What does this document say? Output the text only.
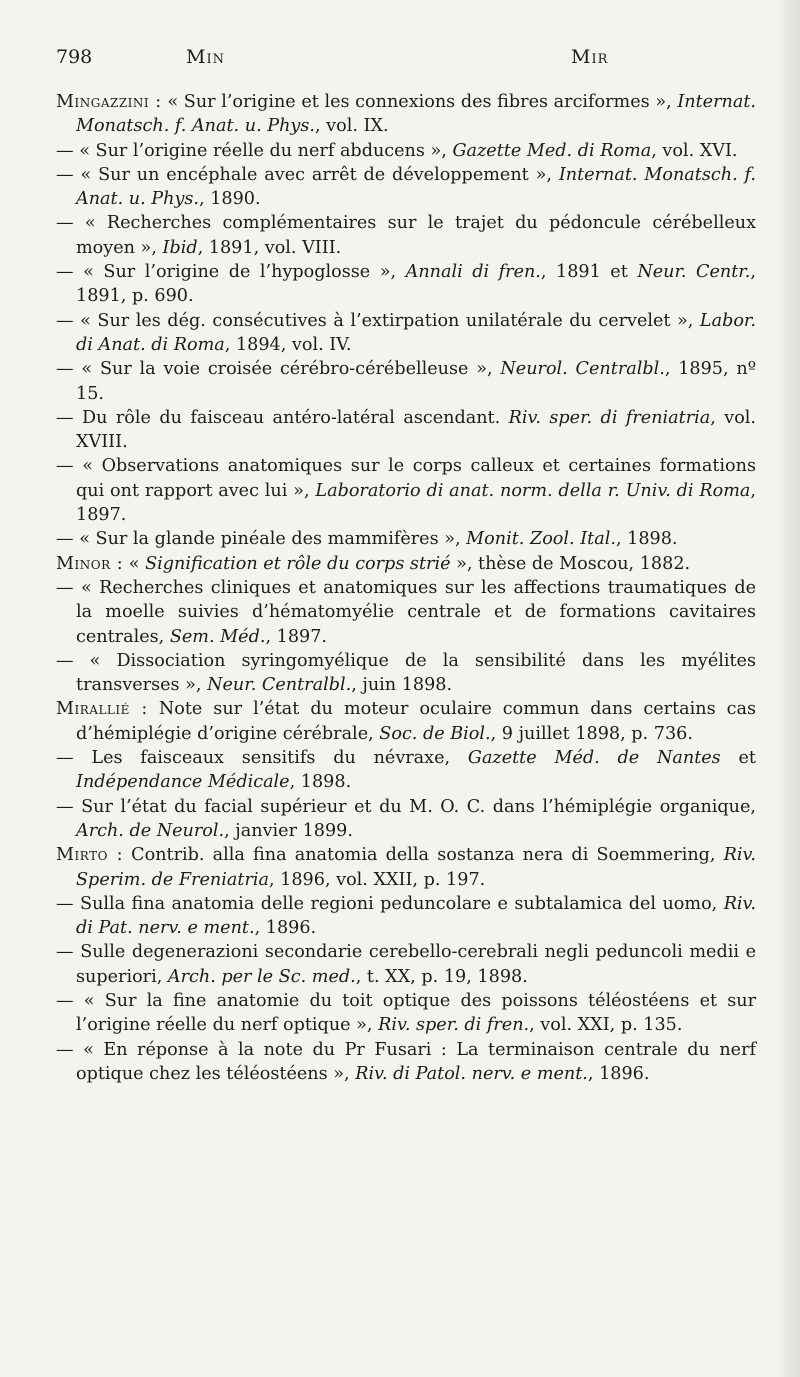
798	Min	Mir

Mingazzini : « Sur l’origine et les connexions des fibres arciformes », Internat. Monatsch. f. Anat. u. Phys., vol. IX.

— « Sur l’origine réelle du nerf abducens », Gazette Med. di Roma, vol. XVI.

— « Sur un encéphale avec arrêt de développement », Internat. Monatsch. f. Anat. u. Phys., 1890.

— « Recherches complémentaires sur le trajet du pédoncule cérébelleux moyen », Ibid, 1891, vol. VIII.

— « Sur l’origine de l’hypoglosse », Annali di fren., 1891 et Neur. Centr., 1891, p. 690.

— « Sur les dég. consécutives à l’extirpation unilatérale du cervelet », Labor. di Anat. di Roma, 1894, vol. IV.

— « Sur la voie croisée cérébro-cérébelleuse », Neurol. Centralbl., 1895, nº 15.

— Du rôle du faisceau antéro-latéral ascendant. Riv. sper. di freniatria, vol. XVIII.

— « Observations anatomiques sur le corps calleux et certaines formations qui ont rapport avec lui », Laboratorio di anat. norm. della r. Univ. di Roma, 1897.

— « Sur la glande pinéale des mammifères », Monit. Zool. Ital., 1898.

Minor : « Signification et rôle du corps strié », thèse de Moscou, 1882.

— « Recherches cliniques et anatomiques sur les affections traumatiques de la moelle suivies d’hématomyélie centrale et de formations cavitaires centrales, Sem. Méd., 1897.

— « Dissociation syringomyélique de la sensibilité dans les myélites transverses », Neur. Centralbl., juin 1898.

Mirallié : Note sur l’état du moteur oculaire commun dans certains cas d’hémiplégie d’origine cérébrale, Soc. de Biol., 9 juillet 1898, p. 736.

— Les faisceaux sensitifs du névraxe, Gazette Méd. de Nantes et Indépendance Médicale, 1898.

— Sur l’état du facial supérieur et du M. O. C. dans l’hémiplégie organique, Arch. de Neurol., janvier 1899.

Mirto : Contrib. alla fina anatomia della sostanza nera di Soemmering, Riv. Sperim. de Freniatria, 1896, vol. XXII, p. 197.

— Sulla fina anatomia delle regioni peduncolare e subtalamica del uomo, Riv. di Pat. nerv. e ment., 1896.

— Sulle degenerazioni secondarie cerebello-cerebrali negli peduncoli medii e superiori, Arch. per le Sc. med., t. XX, p. 19, 1898.

— « Sur la fine anatomie du toit optique des poissons téléostéens et sur l’origine réelle du nerf optique », Riv. sper. di fren., vol. XXI, p. 135.

— « En réponse à la note du Pr Fusari : La terminaison centrale du nerf optique chez les téléostéens », Riv. di Patol. nerv. e ment., 1896.
